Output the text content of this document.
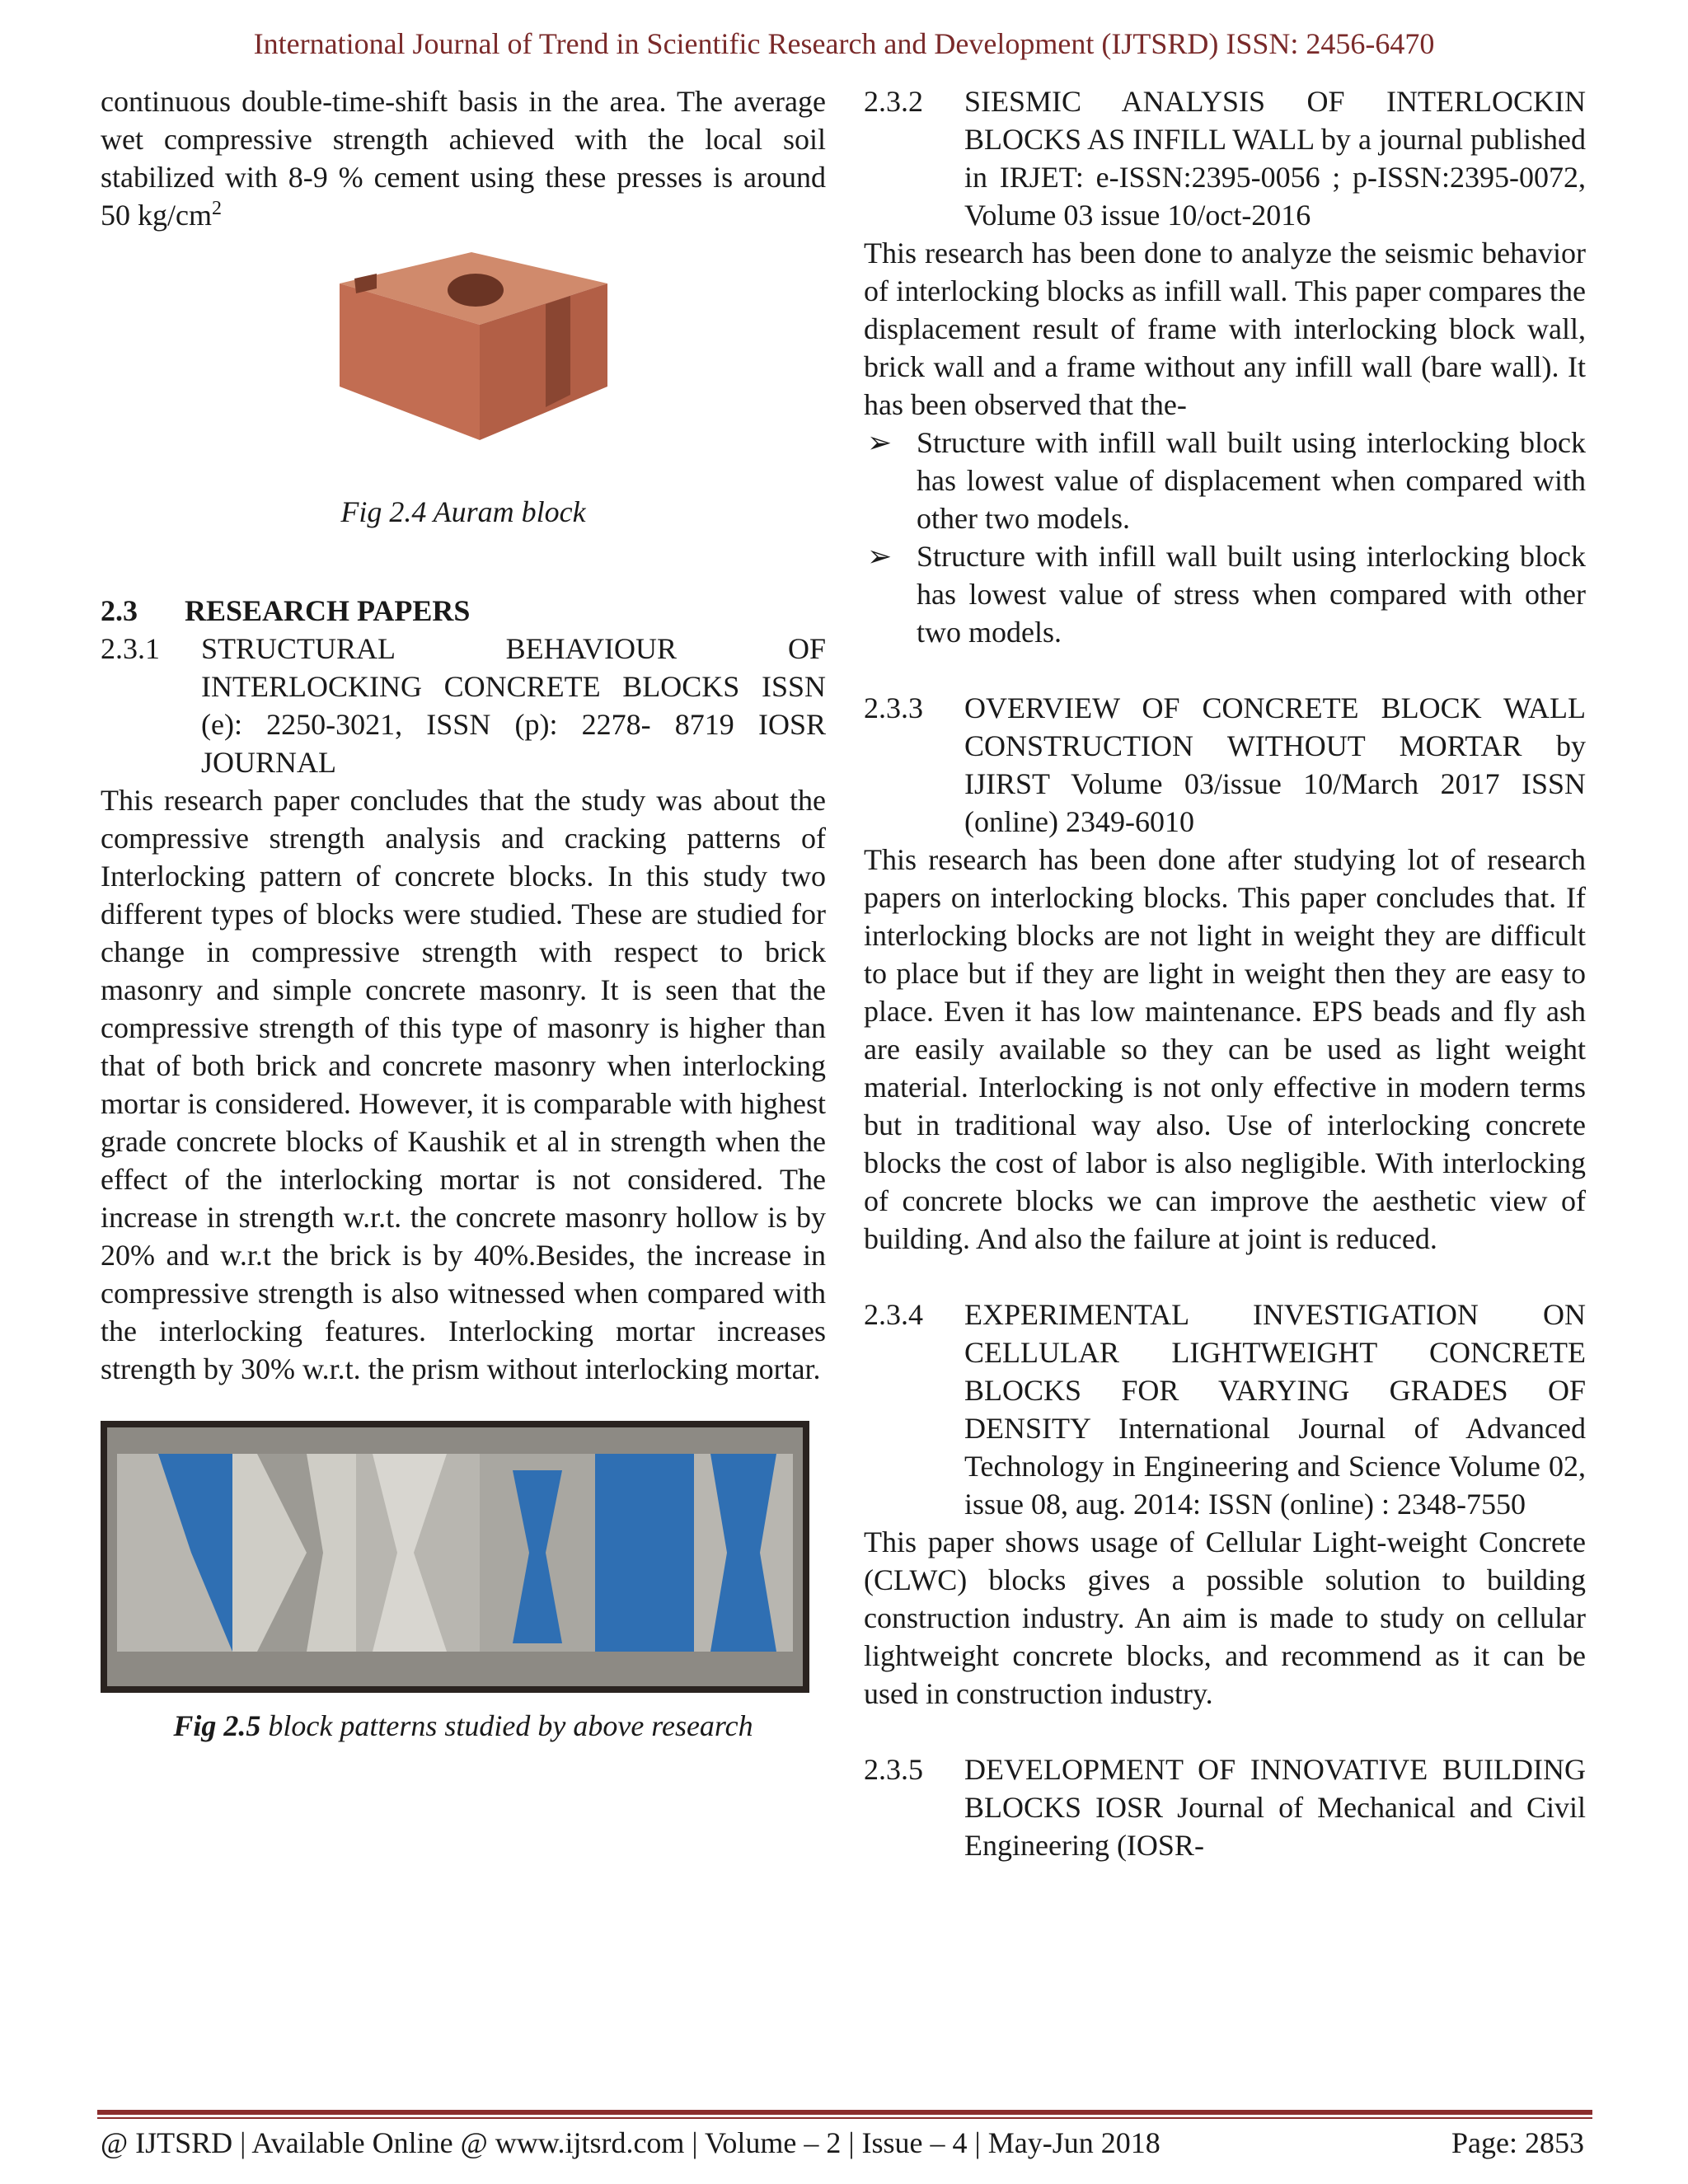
International Journal of Trend in Scientific Research and Development (IJTSRD) ISSN: 2456-6470

continuous double-time-shift basis in the area. The average wet compressive strength achieved with the local soil stabilized with 8-9 % cement using these presses is around 50 $kg/cm^2$

Fig 2.4 Auram block

2.3	RESEARCH PAPERS

2.3.1	STRUCTURAL BEHAVIOUR OF INTERLOCKING CONCRETE BLOCKS ISSN (e): 2250-3021, ISSN (p): 2278- 8719 IOSR JOURNAL

This research paper concludes that the study was about the compressive strength analysis and cracking patterns of Interlocking pattern of concrete blocks. In this study two different types of blocks were studied. These are studied for change in compressive strength with respect to brick masonry and simple concrete masonry. It is seen that the compressive strength of this type of masonry is higher than that of both brick and concrete masonry when interlocking mortar is considered. However, it is comparable with highest grade concrete blocks of Kaushik et al in strength when the effect of the interlocking mortar is not considered. The increase in strength w.r.t. the concrete masonry hollow is by 20% and w.r.t the brick is by 40%.Besides, the increase in compressive strength is also witnessed when compared with the interlocking features. Interlocking mortar increases strength by 30% w.r.t. the prism without interlocking mortar.

Fig 2.5 block patterns studied by above research

2.3.2	SIESMIC ANALYSIS OF INTERLOCKIN BLOCKS AS INFILL WALL by a journal published in IRJET: e-ISSN:2395-0056 ; p-ISSN:2395-0072, Volume 03 issue 10/oct-2016

This research has been done to analyze the seismic behavior of interlocking blocks as infill wall. This paper compares the displacement result of frame with interlocking block wall, brick wall and a frame without any infill wall (bare wall). It has been observed that the-

➢ Structure with infill wall built using interlocking block has lowest value of displacement when compared with other two models.
➢ Structure with infill wall built using interlocking block has lowest value of stress when compared with other two models.
2.3.3	OVERVIEW OF CONCRETE BLOCK WALL CONSTRUCTION WITHOUT MORTAR by IJIRST Volume 03/issue 10/March 2017 ISSN (online) 2349-6010

This research has been done after studying lot of research papers on interlocking blocks. This paper concludes that. If interlocking blocks are not light in weight they are difficult to place but if they are light in weight then they are easy to place. Even it has low maintenance. EPS beads and fly ash are easily available so they can be used as light weight material. Interlocking is not only effective in modern terms but in traditional way also. Use of interlocking concrete blocks the cost of labor is also negligible. With interlocking of concrete blocks we can improve the aesthetic view of building. And also the failure at joint is reduced.

2.3.4	EXPERIMENTAL INVESTIGATION ON CELLULAR LIGHTWEIGHT CONCRETE BLOCKS FOR VARYING GRADES OF DENSITY International Journal of Advanced Technology in Engineering and Science Volume 02, issue 08, aug. 2014: ISSN (online) : 2348-7550

This paper shows usage of Cellular Light-weight Concrete (CLWC) blocks gives a possible solution to building construction industry. An aim is made to study on cellular lightweight concrete blocks, and recommend as it can be used in construction industry.

2.3.5	DEVELOPMENT OF INNOVATIVE BUILDING BLOCKS IOSR Journal of Mechanical and Civil Engineering (IOSR-
@ IJTSRD | Available Online @ www.ijtsrd.com | Volume – 2 | Issue – 4 | May-Jun 2018	Page: 2853
